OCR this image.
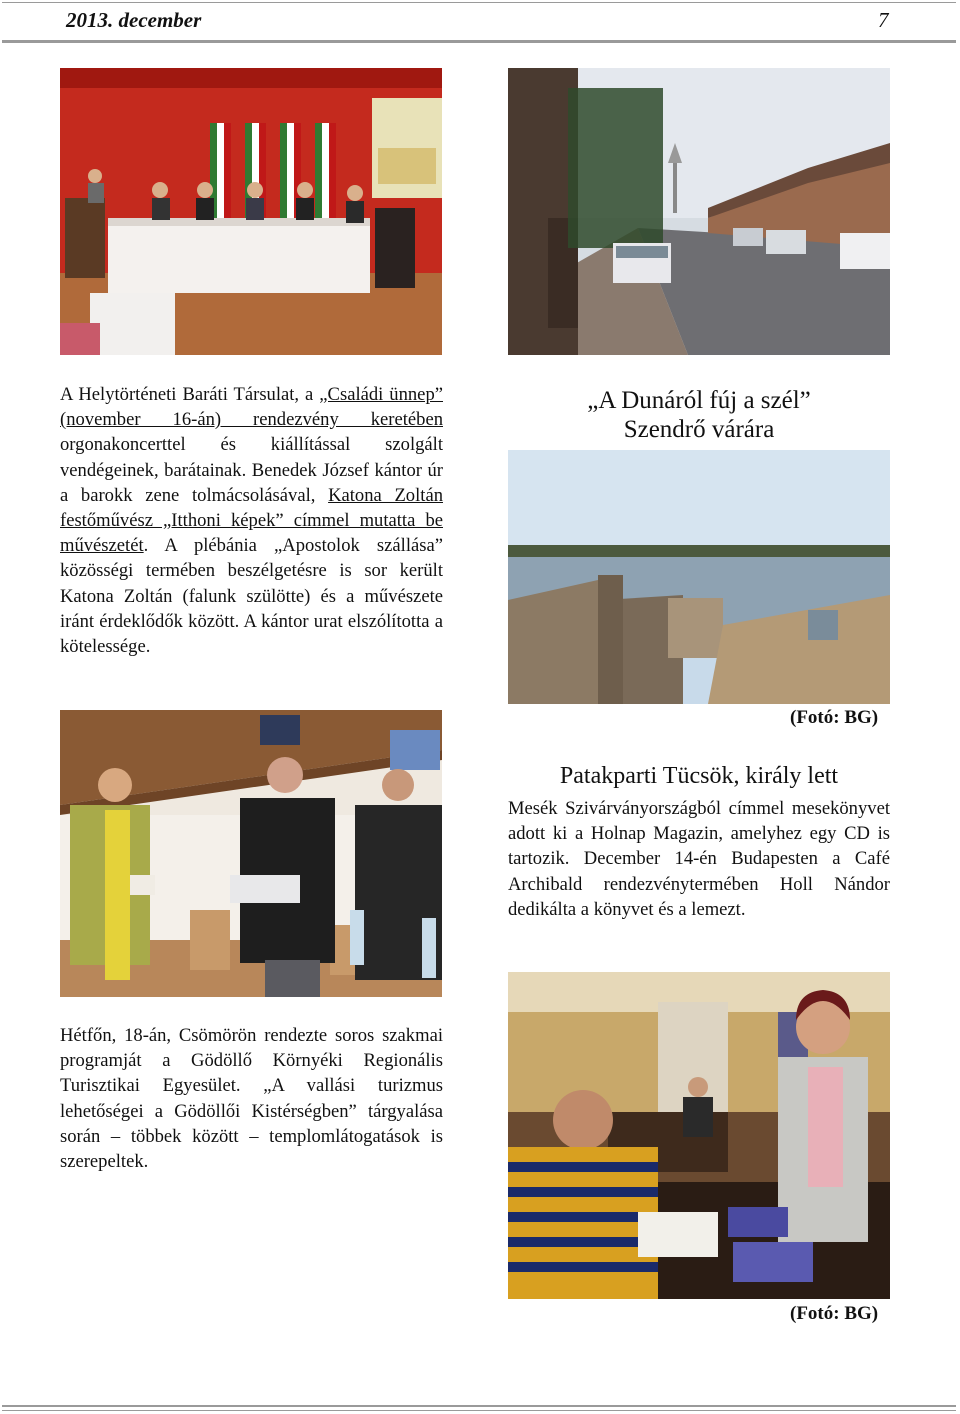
2013. december	7

A Helytörténeti Baráti Társulat, a „Családi ünnep” (november 16-án) rendezvény keretében orgonakoncerttel és kiállítással szolgált vendégeinek, barátainak. Benedek József kántor úr a barokk zene tolmácsolásával, Katona Zoltán festőművész „Itthoni képek” címmel mutatta be művészetét. A plébánia „Apostolok szállása” közösségi termében beszélgetésre is sor került Katona Zoltán (falunk szülötte) és a művészete iránt érdeklődők között. A kántor urat elszólította a kötelessége.

„A Dunáról fúj a szél”
Szendrő várára
(Fotó: BG)
Patakparti Tücsök, király lett

Mesék Szivárványországból címmel mesekönyvet adott ki a Holnap Magazin, amelyhez egy CD is tartozik. December 14-én Budapesten a Café Archibald rendezvénytermében Holl Nándor dedikálta a könyvet és a lemezt.

(Fotó: BG)

Hétfőn, 18-án, Csömörön rendezte soros szakmai programját a Gödöllő Környéki Regionális Turisztikai Egyesület. „A vallási turizmus lehetőségei a Gödöllői Kistérségben” tárgyalása során – többek között – templomlátogatások is szerepeltek.
